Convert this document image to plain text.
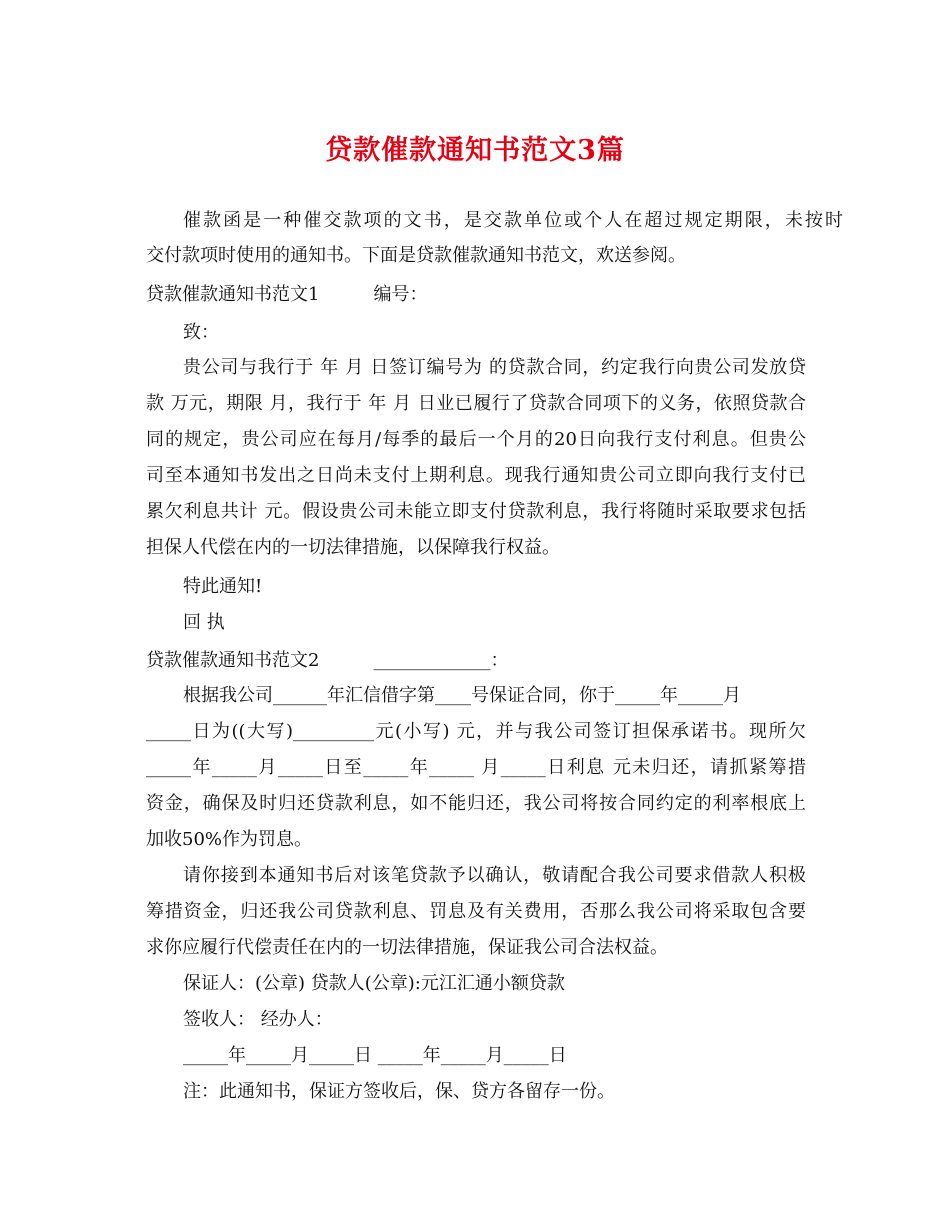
贷款催款通知书范文3篇
催款函是一种催交款项的文书，是交款单位或个人在超过规定期限，未按时
交付款项时使用的通知书。下面是贷款催款通知书范文，欢送参阅。
贷款催款通知书范文1　　　编号：
致：
贵公司与我行于 年 月 日签订编号为 的贷款合同，约定我行向贵公司发放贷
款 万元，期限 月，我行于 年 月 日业已履行了贷款合同项下的义务，依照贷款合
同的规定，贵公司应在每月/每季的最后一个月的20日向我行支付利息。但贵公
司至本通知书发出之日尚未支付上期利息。现我行通知贵公司立即向我行支付已
累欠利息共计 元。假设贵公司未能立即支付贷款利息，我行将随时采取要求包括
担保人代偿在内的一切法律措施，以保障我行权益。
特此通知!
回 执
贷款催款通知书范文2　　　_____________：
根据我公司______年汇信借字第____号保证合同，你于_____年_____月
_____日为((大写)_________元(小写) 元，并与我公司签订担保承诺书。现所欠
_____年_____月_____日至_____年_____ 月_____日利息 元未归还，请抓紧筹措
资金，确保及时归还贷款利息，如不能归还，我公司将按合同约定的利率根底上
加收50%作为罚息。
请你接到本通知书后对该笔贷款予以确认，敬请配合我公司要求借款人积极
筹措资金，归还我公司贷款利息、罚息及有关费用，否那么我公司将采取包含要
求你应履行代偿责任在内的一切法律措施，保证我公司合法权益。
保证人：(公章) 贷款人(公章):元江汇通小额贷款
签收人： 经办人：
_____年_____月_____日 _____年_____月_____日
注：此通知书，保证方签收后，保、贷方各留存一份。
